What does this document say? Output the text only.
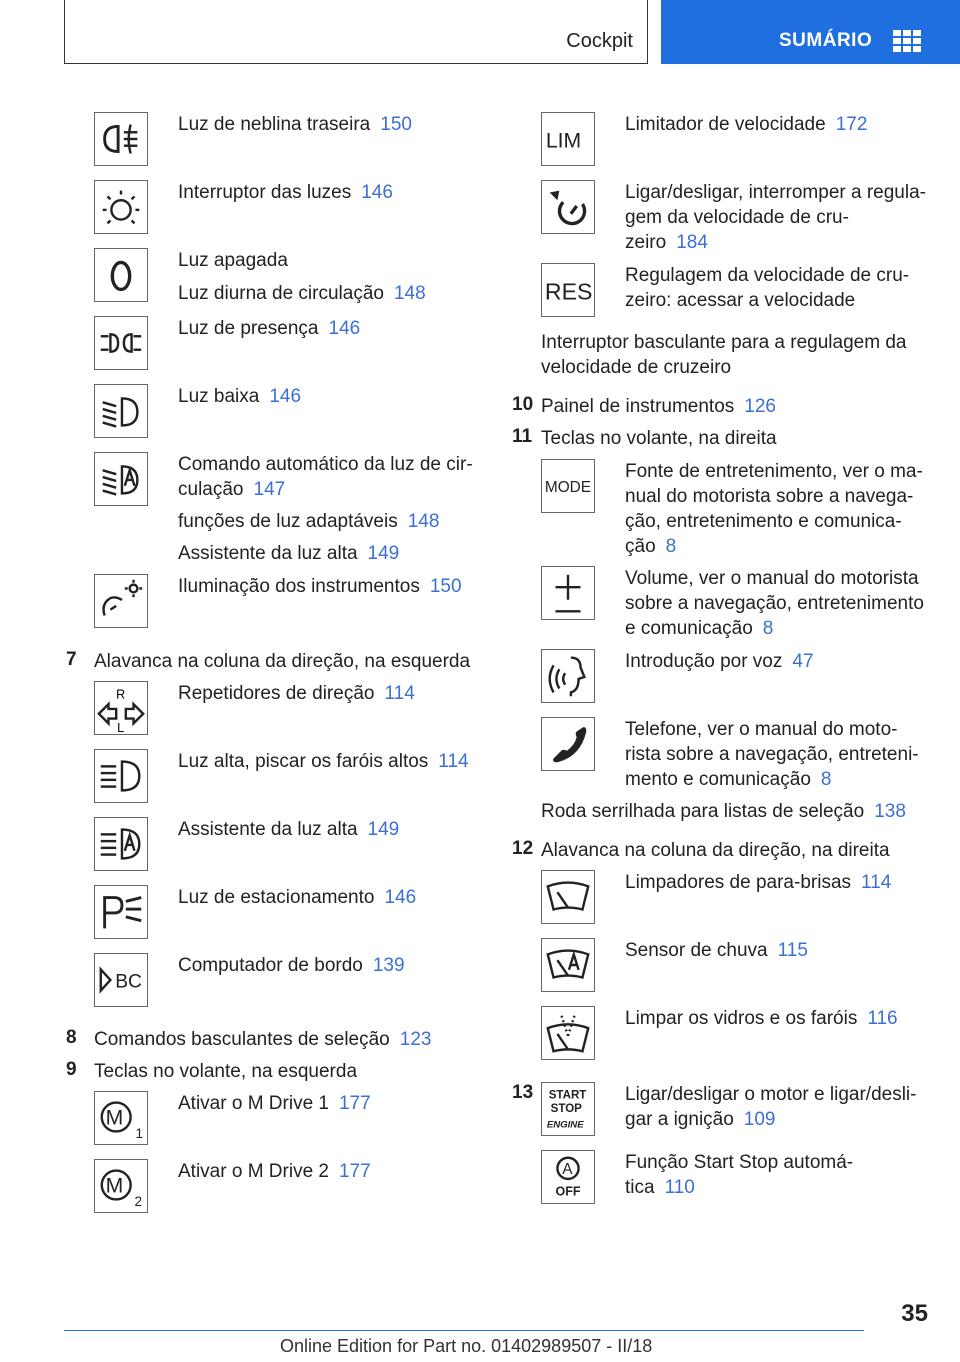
Cockpit	SUMÁRIO
Luz de neblina traseira 150
Interruptor das luzes 146
Luz apagada
Luz diurna de circulação 148
Luz de presença 146
Luz baixa 146
Comando automático da luz de cir-
culação 147
funções de luz adaptáveis 148
Assistente da luz alta 149
Iluminação dos instrumentos 150
7 Alavanca na coluna da direção, na esquerda
R
L
Repetidores de direção 114
Luz alta, piscar os faróis altos 114
Assistente da luz alta 149
Luz de estacionamento 146
BC
Computador de bordo 139
8 Comandos basculantes de seleção 123
9 Teclas no volante, na esquerda
M
1
Ativar o M Drive 1 177
M
2
Ativar o M Drive 2 177
LIM
Limitador de velocidade 172
Ligar/desligar, interromper a regula-
gem da velocidade de cru-
zeiro 184
RES
Regulagem da velocidade de cru-
zeiro: acessar a velocidade
Interruptor basculante para a regulagem da
velocidade de cruzeiro
10 Painel de instrumentos 126
11 Teclas no volante, na direita
MODE
Fonte de entretenimento, ver o ma-
nual do motorista sobre a navega-
ção, entretenimento e comunica-
ção 8
Volume, ver o manual do motorista
sobre a navegação, entretenimento
e comunicação 8
Introdução por voz 47
Telefone, ver o manual do moto-
rista sobre a navegação, entreteni-
mento e comunicação 8
Roda serrilhada para listas de seleção 138
12 Alavanca na coluna da direção, na direita
Limpadores de para-brisas 114
Sensor de chuva 115
Limpar os vidros e os faróis 116
13 START
STOP
ENGINE
Ligar/desligar o motor e ligar/desli-
gar a ignição 109
A
OFF
Função Start Stop automá-
tica 110
35
Online Edition for Part no. 01402989507 - II/18
